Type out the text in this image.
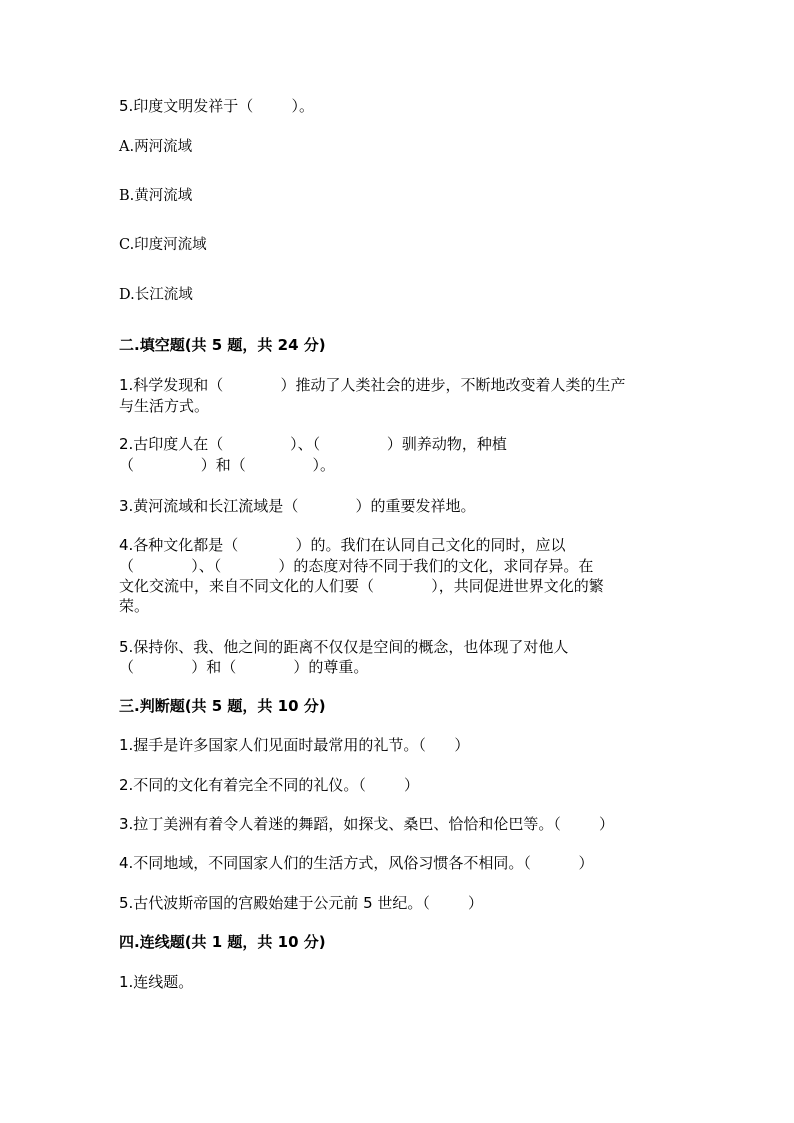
5.印度文明发祥于（        ）。
A.两河流域
B.黄河流域
C.印度河流域
D.长江流域
二.填空题(共 5 题，共 24 分)
1.科学发现和（            ）推动了人类社会的进步，不断地改变着人类的生产
与生活方式。
2.古印度人在（              ）、（              ）驯养动物，种植
（              ）和（              ）。
3.黄河流域和长江流域是（            ）的重要发祥地。
4.各种文化都是（            ）的。我们在认同自己文化的同时，应以
（            ）、（            ）的态度对待不同于我们的文化，求同存异。在
文化交流中，来自不同文化的人们要（            ），共同促进世界文化的繁
荣。
5.保持你、我、他之间的距离不仅仅是空间的概念，也体现了对他人
（            ）和（            ）的尊重。
三.判断题(共 5 题，共 10 分)
1.握手是许多国家人们见面时最常用的礼节。（      ）
2.不同的文化有着完全不同的礼仪。（        ）
3.拉丁美洲有着令人着迷的舞蹈，如探戈、桑巴、恰恰和伦巴等。（        ）
4.不同地域，不同国家人们的生活方式，风俗习惯各不相同。（          ）
5.古代波斯帝国的宫殿始建于公元前 5 世纪。（        ）
四.连线题(共 1 题，共 10 分)
1.连线题。
